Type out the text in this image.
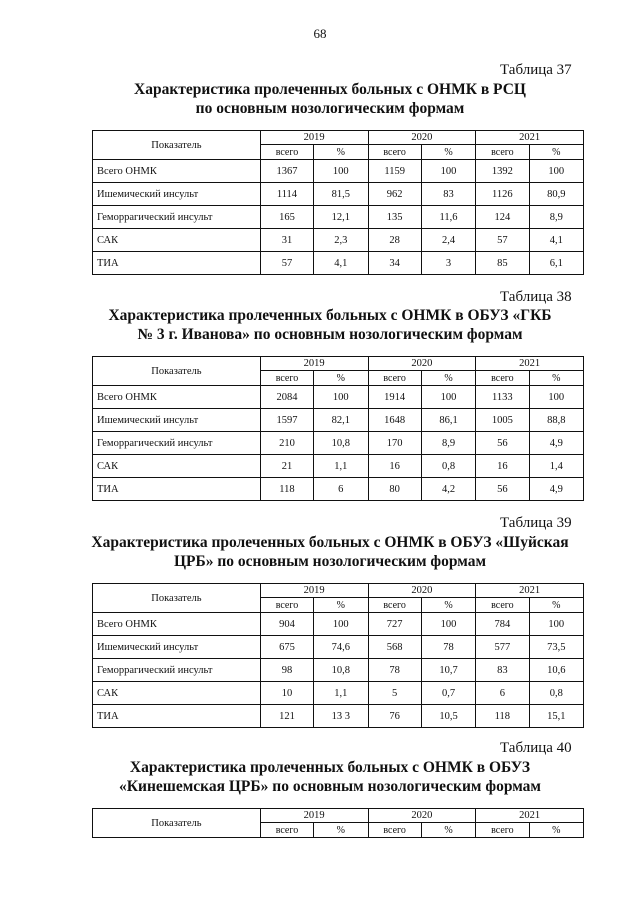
68
Таблица 37
Характеристика пролеченных больных с ОНМК в РСЦ
по основным нозологическим формам
Показатель	2019		2020		2021	
	всего	%	всего	%	всего	%
Всего ОНМК	1367	100	1159	100	1392	100
Ишемический инсульт	1114	81,5	962	83	1126	80,9
Геморрагический инсульт	165	12,1	135	11,6	124	8,9
САК	31	2,3	28	2,4	57	4,1
ТИА	57	4,1	34	3	85	6,1
Таблица 38
Характеристика пролеченных больных с ОНМК в ОБУЗ «ГКБ
№ 3 г. Иванова» по основным нозологическим формам
Показатель	2019		2020		2021	
	всего	%	всего	%	всего	%
Всего ОНМК	2084	100	1914	100	1133	100
Ишемический инсульт	1597	82,1	1648	86,1	1005	88,8
Геморрагический инсульт	210	10,8	170	8,9	56	4,9
САК	21	1,1	16	0,8	16	1,4
ТИА	118	6	80	4,2	56	4,9
Таблица 39
Характеристика пролеченных больных с ОНМК в ОБУЗ «Шуйская
ЦРБ» по основным нозологическим формам
Показатель	2019		2020		2021	
	всего	%	всего	%	всего	%
Всего ОНМК	904	100	727	100	784	100
Ишемический инсульт	675	74,6	568	78	577	73,5
Геморрагический инсульт	98	10,8	78	10,7	83	10,6
САК	10	1,1	5	0,7	6	0,8
ТИА	121	13 3	76	10,5	118	15,1
Таблица 40
Характеристика пролеченных больных с ОНМК в ОБУЗ
«Кинешемская ЦРБ» по основным нозологическим формам
Показатель	2019		2020		2021	
	всего	%	всего	%	всего	%
